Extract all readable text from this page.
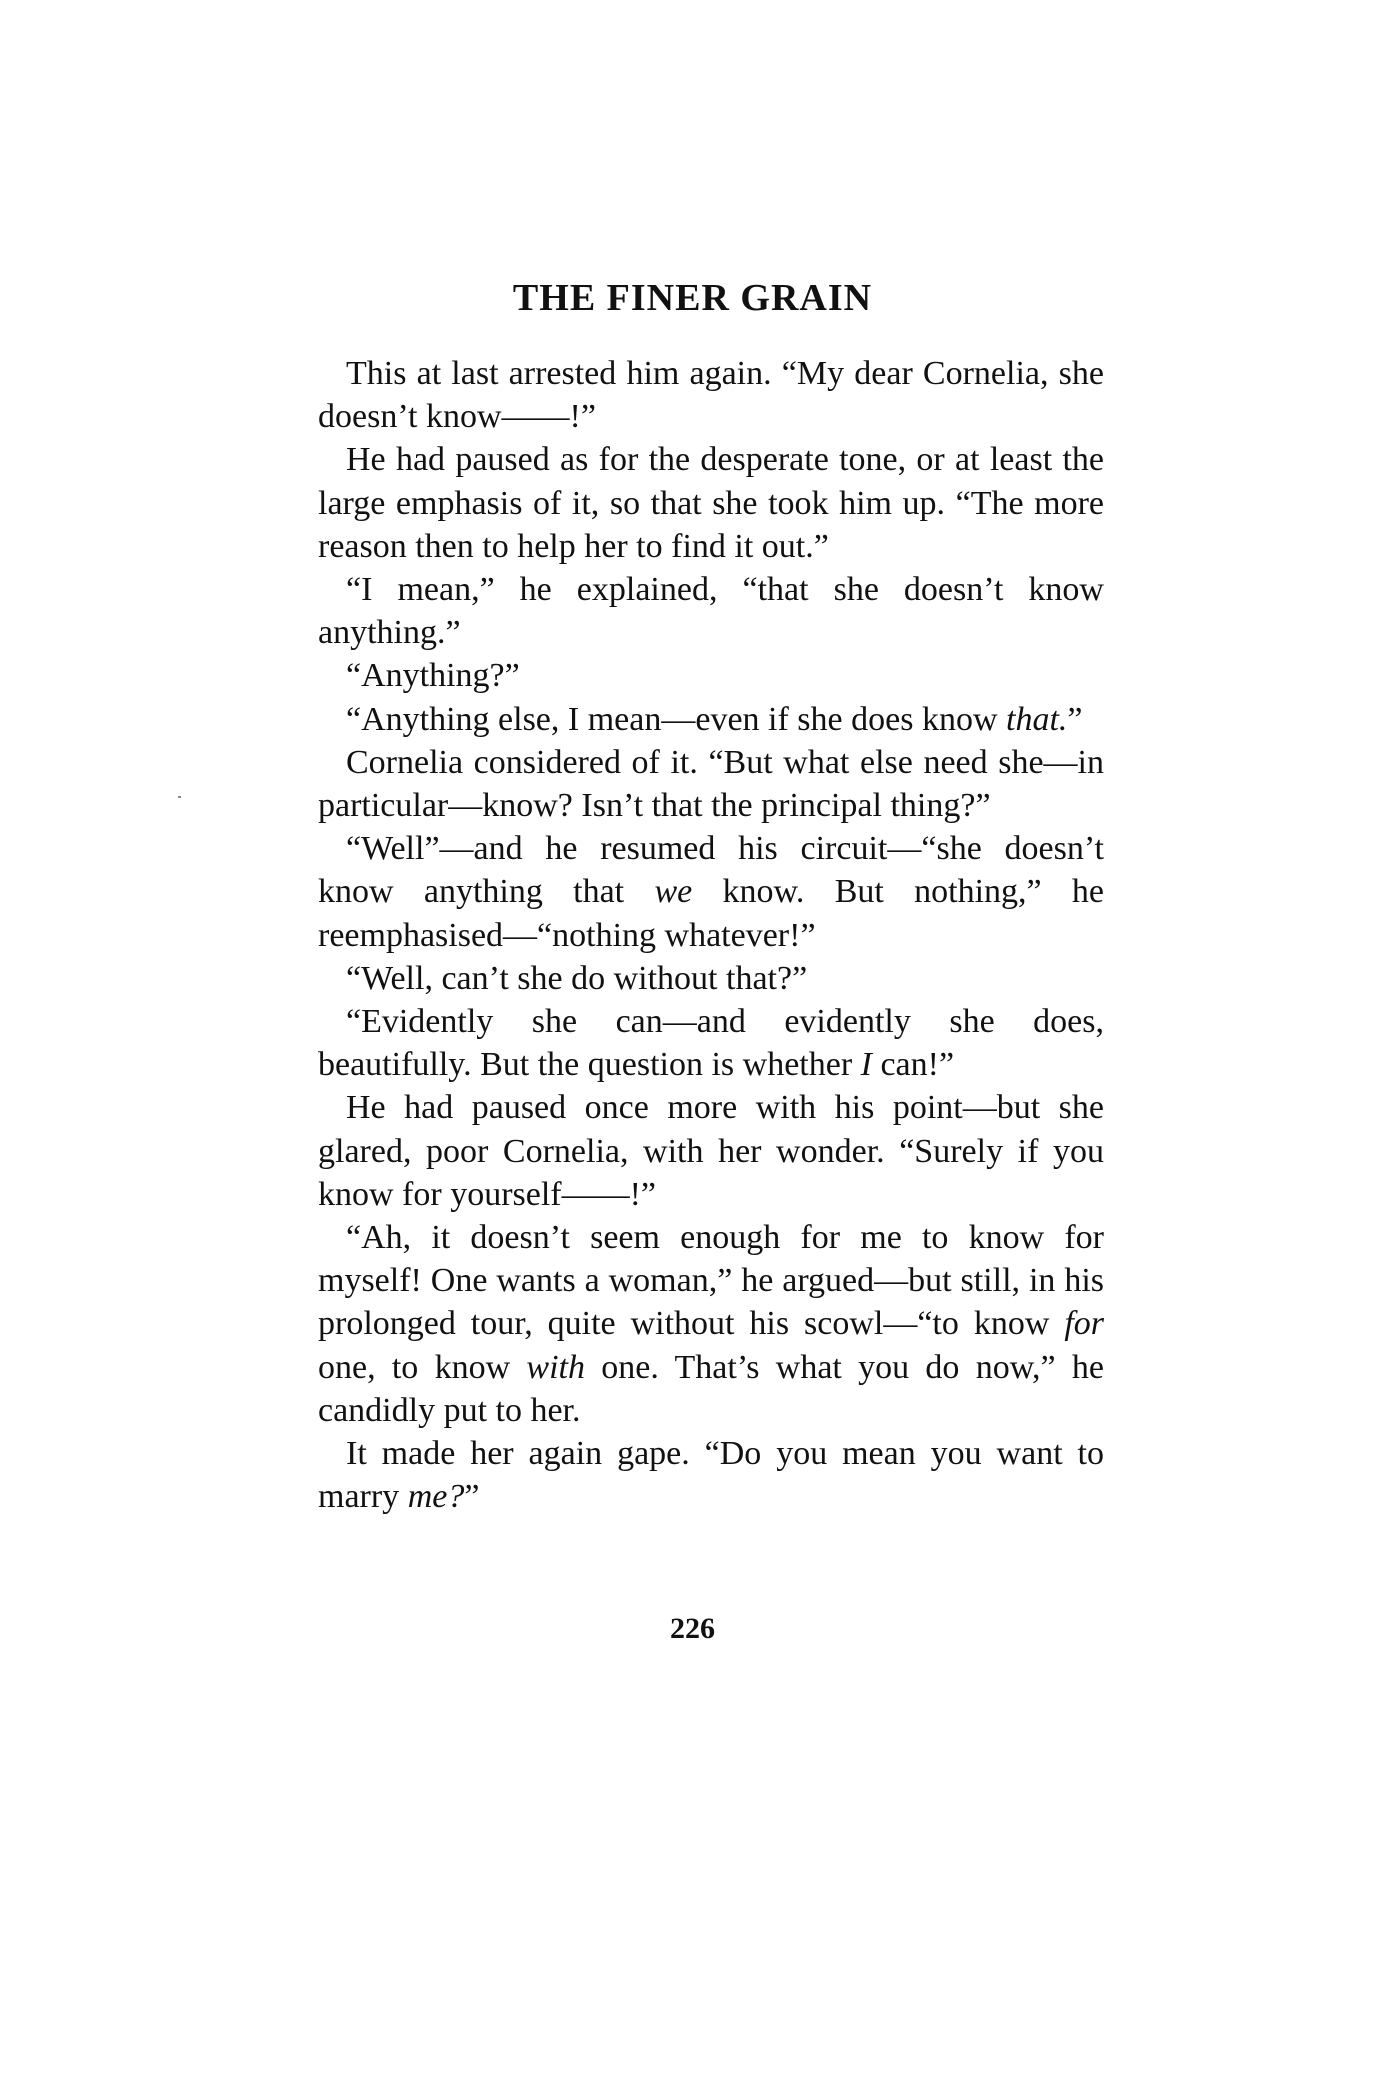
THE FINER GRAIN

This at last arrested him again. “My dear Cornelia, she doesn’t know——!”

He had paused as for the desperate tone, or at least the large emphasis of it, so that she took him up. “The more reason then to help her to find it out.”

“I mean,” he explained, “that she doesn’t know anything.”

“Anything?”

“Anything else, I mean—even if she does know that.”

Cornelia considered of it. “But what else need she—in particular—know? Isn’t that the principal thing?”

“Well”—and he resumed his circuit—“she doesn’t know anything that we know. But nothing,” he reemphasised—“nothing whatever!”

“Well, can’t she do without that?”

“Evidently she can—and evidently she does, beautifully. But the question is whether I can!”

He had paused once more with his point—but she glared, poor Cornelia, with her wonder. “Surely if you know for yourself——!”

“Ah, it doesn’t seem enough for me to know for myself! One wants a woman,” he argued—but still, in his prolonged tour, quite without his scowl—“to know for one, to know with one. That’s what you do now,” he candidly put to her.

It made her again gape. “Do you mean you want to marry me?”

226
